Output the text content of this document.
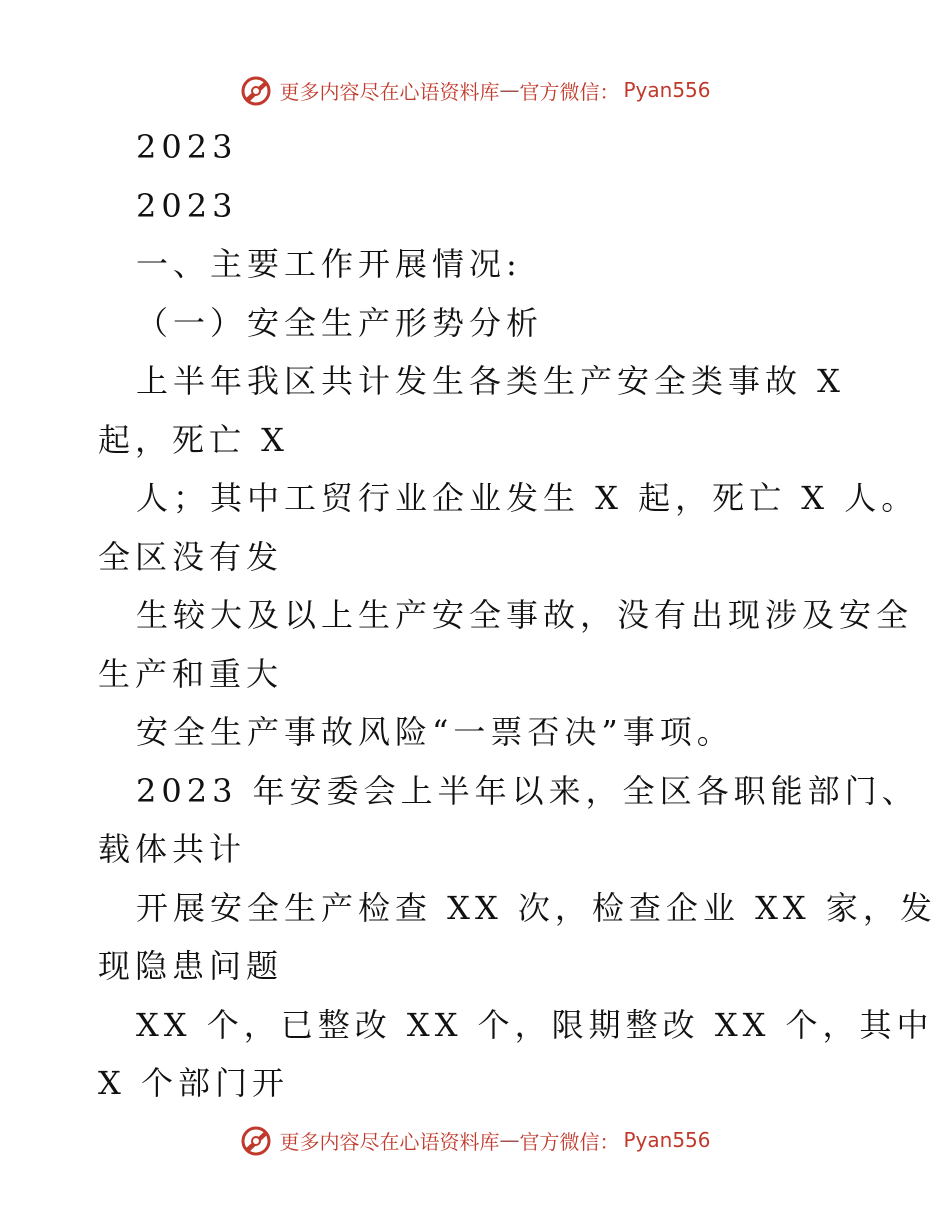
更多内容尽在心语资料库 — 官方微信： Pyan556
2023
2023
一、主要工作开展情况:
（一）安全生产形势分析
上半年我区共计发生各类生产安全类事故 X
起，死亡 X
人；其中工贸行业企业发生 X 起，死亡 X 人。
全区没有发
生较大及以上生产安全事故，没有出现涉及安全
生产和重大
安全生产事故风险“一票否决”事项。
2023 年安委会上半年以来，全区各职能部门、
载体共计
开展安全生产检查 XX 次，检查企业 XX 家，发
现隐患问题
XX 个，已整改 XX 个，限期整改 XX 个，其中
X 个部门开
更多内容尽在心语资料库 — 官方微信： Pyan556
